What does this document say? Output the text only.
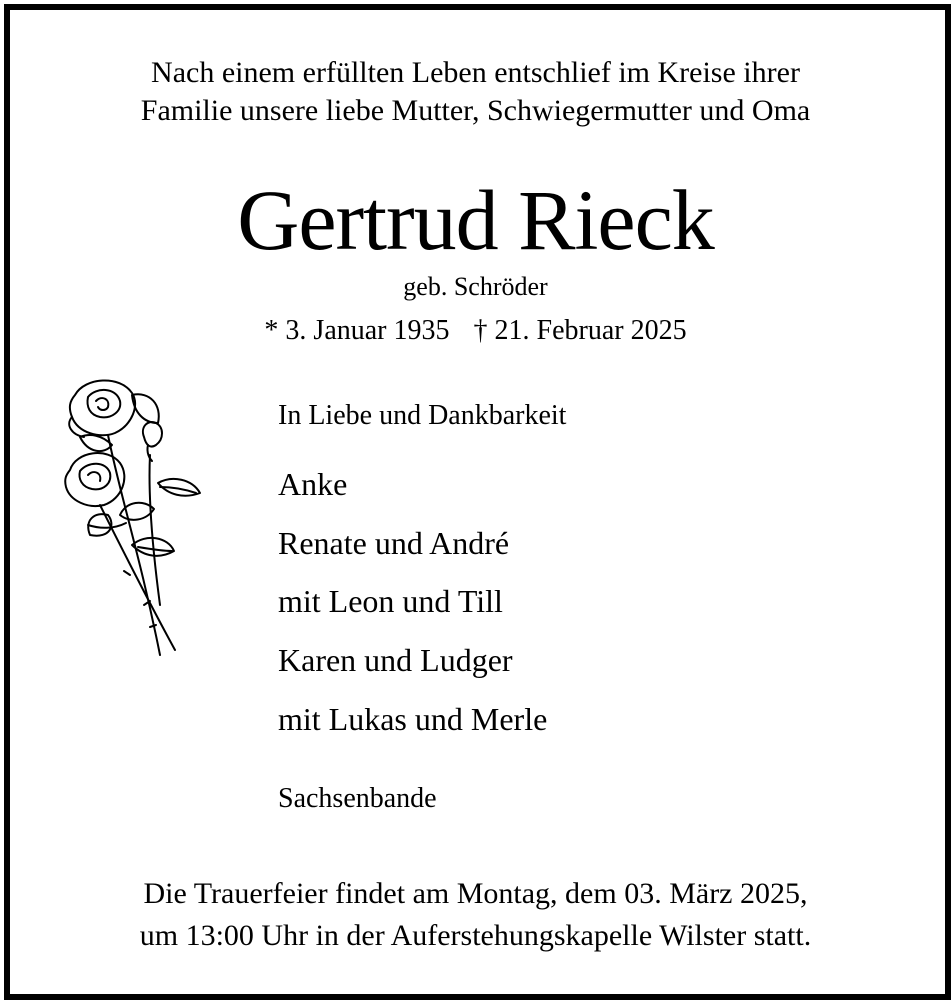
Nach einem erfüllten Leben entschlief im Kreise ihrer
Familie unsere liebe Mutter, Schwiegermutter und Oma
Gertrud Rieck
geb. Schröder
* 3. Januar 1935 † 21. Februar 2025
In Liebe und Dankbarkeit
Anke
Renate und André
mit Leon und Till
Karen und Ludger
mit Lukas und Merle
Sachsenbande
Die Trauerfeier findet am Montag, dem 03. März 2025,
um 13:00 Uhr in der Auferstehungskapelle Wilster statt.
